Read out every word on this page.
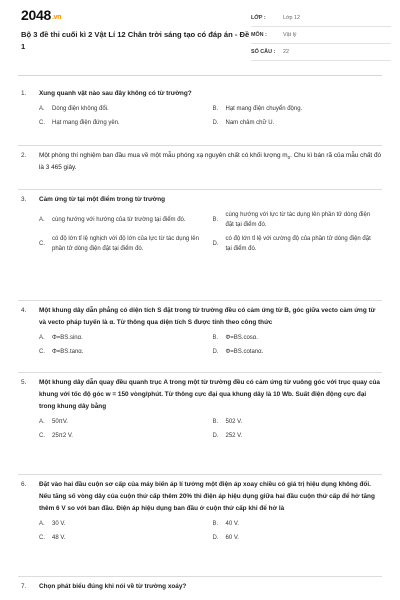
2048.vn
Bộ 3 đề thi cuối kì 2 Vật Lí 12 Chân trời sáng tạo có đáp án - Đề 1
LỚP :	Lớp 12
MÔN :	Vật lý
SỐ CÂU :	22
1.	Xung quanh vật nào sau đây không có từ trường?
A.	Dòng điện không đổi.	B.	Hạt mang điện chuyển động.
C.	Hạt mang điện đứng yên.	D.	Nam châm chữ U.
2.	Một phòng thí nghiệm ban đầu mua về một mẫu phóng xạ nguyên chất có khối lượng $m_0$. Chu kì bán rã của mẫu chất đó là 3 465 giây.
3.	Cảm ứng từ tại một điểm trong từ trường
A.	cùng hướng với hướng của từ trường tại điểm đó.	B.
cùng hướng với lực từ tác dụng lên phần tử dòng điện đặt tại điểm đó.
C.
có độ lớn tỉ lệ nghịch với độ lớn của lực từ tác dụng lên phần tử dòng điện đặt tại điểm đó.
D.
có độ lớn tỉ lệ với cường độ của phần tử dòng điện đặt tại điểm đó.
4.	Một khung dây dẫn phẳng có diện tích S đặt trong từ trường đều có cảm ứng từ B, góc giữa vecto cảm ứng từ và vecto pháp tuyến là α. Từ thông qua diện tích S được tính theo công thức
A.	Φ=BS.sinα.	B.	Φ=BS.cosα.
C.	Φ=BS.tanα.	D.	Φ=BS.cotanα.
5.	Một khung dây dẫn quay đều quanh trục A trong một từ trường đều có cảm ứng từ vuông góc với trục quay của khung với tốc độ góc w = 150 vòng/phút. Từ thông cực đại qua khung dây là 10 Wb. Suất điện động cực đại trong khung dây bằng
A.	50πV.	B.	502 V.
C.	25π2 V.	D.	252 V.
6.	Đặt vào hai đầu cuộn sơ cấp của máy biến áp lí tưởng một điện áp xoay chiều có giá trị hiệu dụng không đổi. Nếu tăng số vòng dây của cuộn thứ cấp thêm 20% thì điện áp hiệu dụng giữa hai đầu cuộn thứ cấp để hở tăng thêm 6 V so với ban đầu. Điện áp hiệu dụng ban đầu ở cuộn thứ cấp khi để hở là
A.	30 V.	B.	40 V.
C.	48 V.	D.	60 V.
7.	Chọn phát biểu đúng khi nói về từ trường xoáy?
